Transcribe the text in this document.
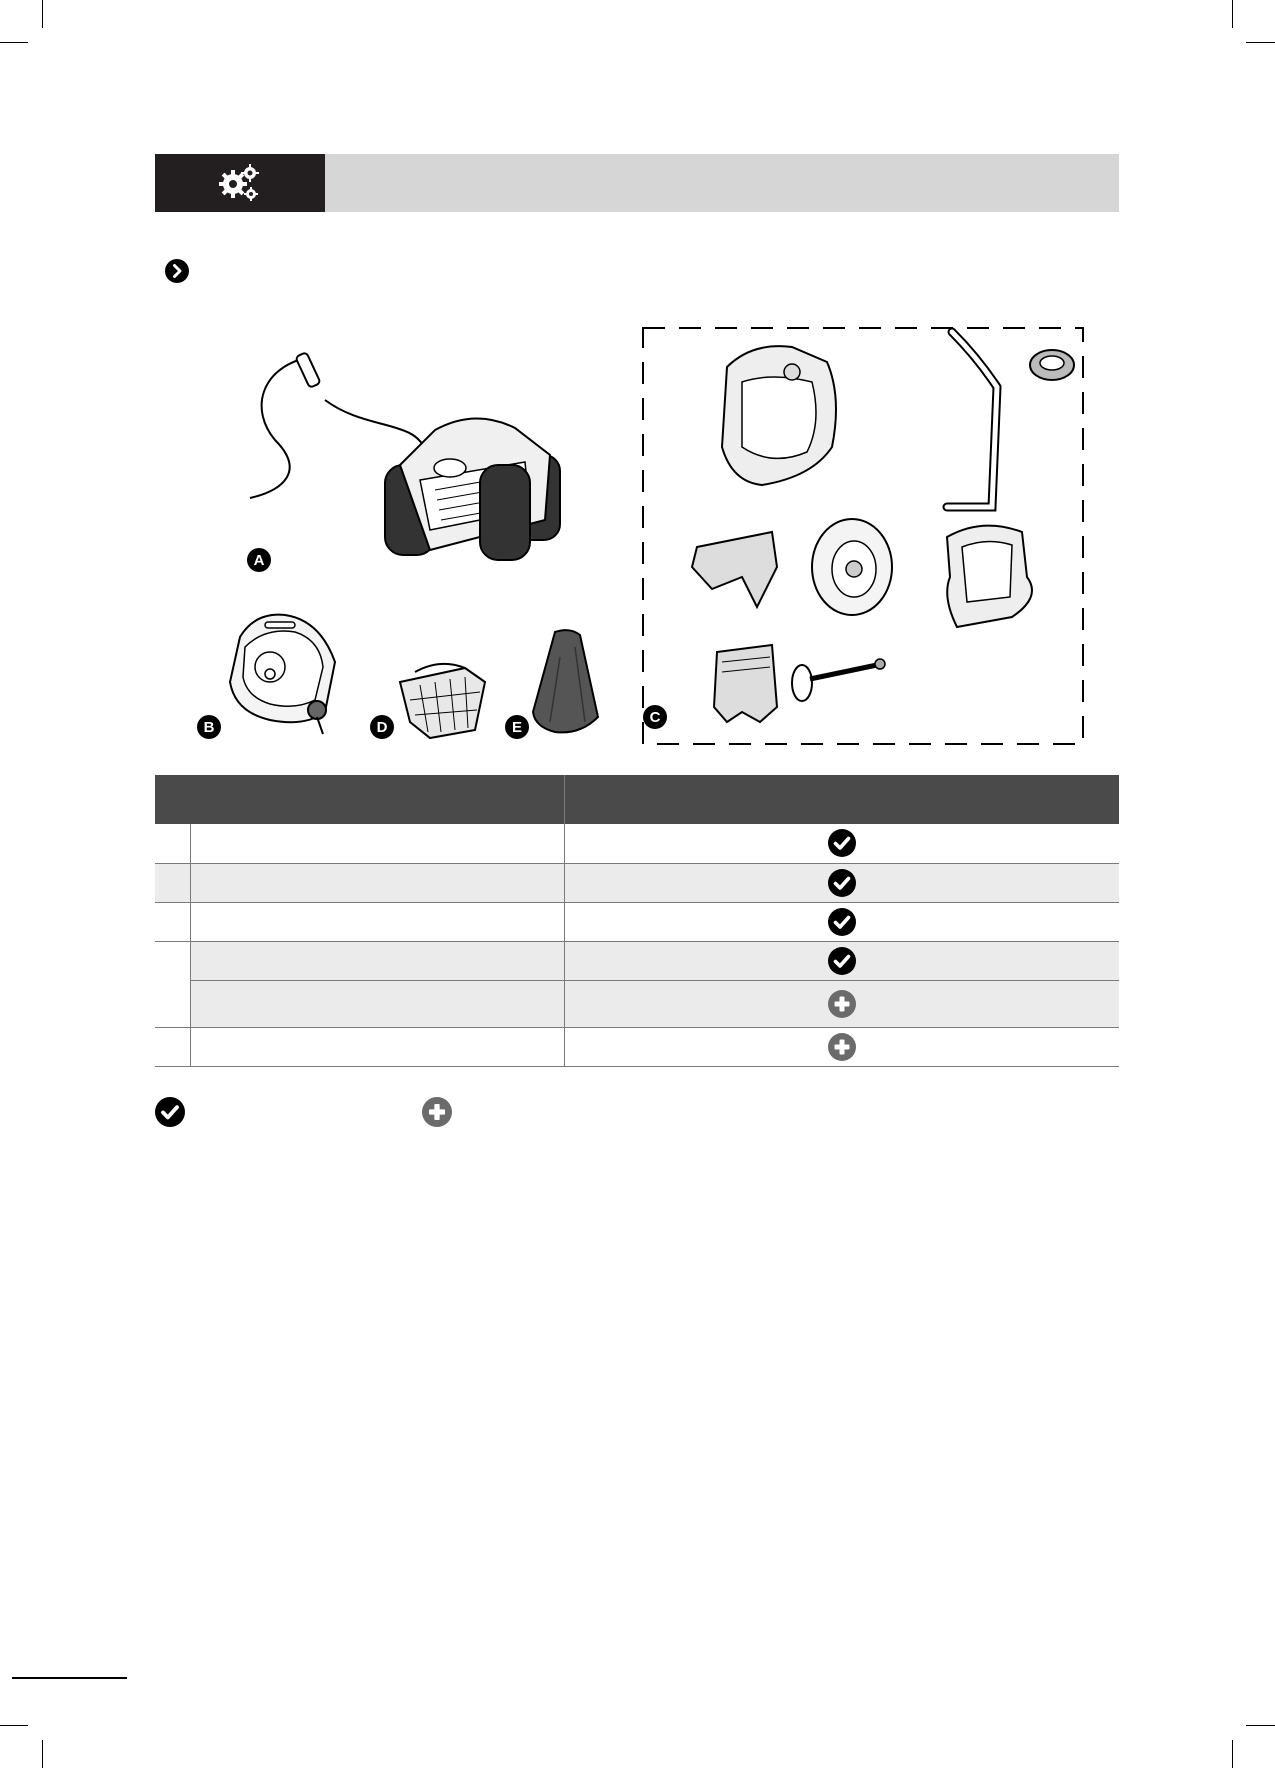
A
B	D	E
C
